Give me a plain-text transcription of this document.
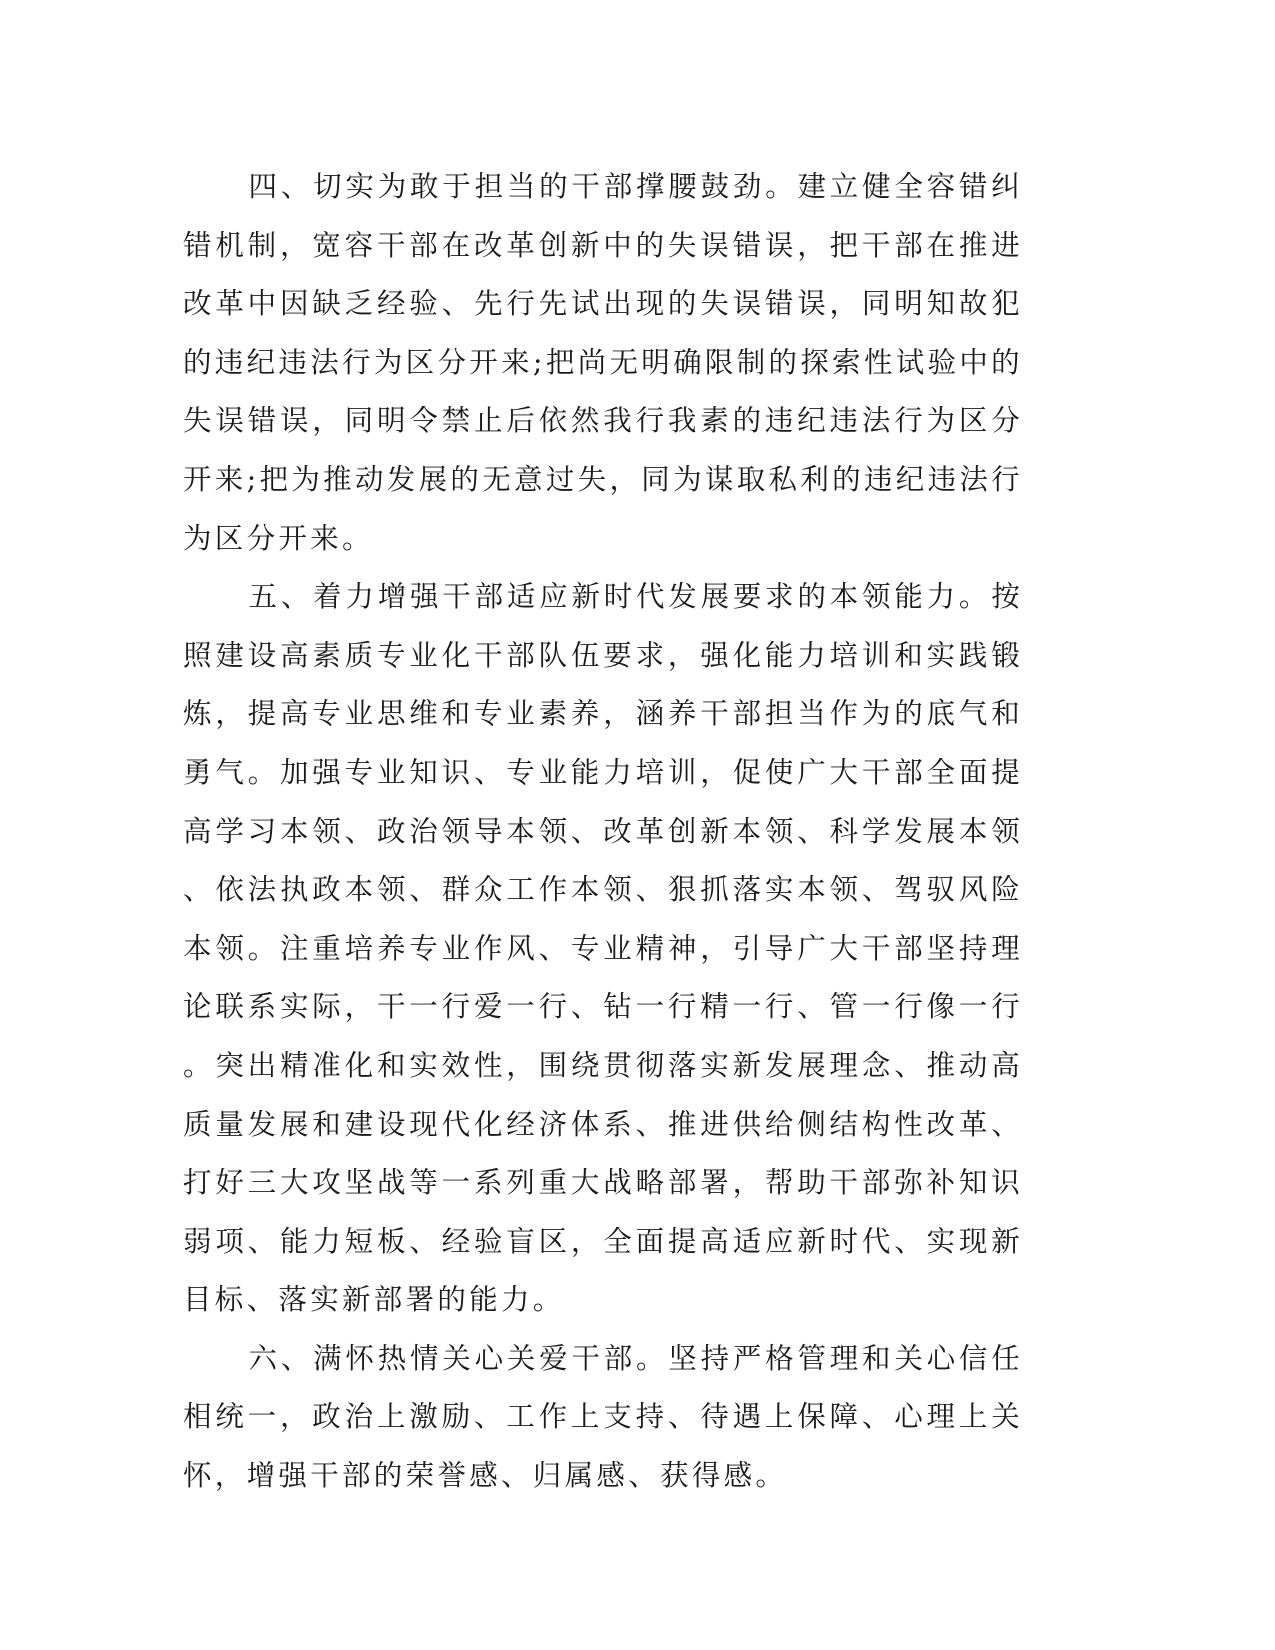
四、切实为敢于担当的干部撑腰鼓劲。建立健全容错纠错机制，宽容干部在改革创新中的失误错误，把干部在推进改革中因缺乏经验、先行先试出现的失误错误，同明知故犯的违纪违法行为区分开来;把尚无明确限制的探索性试验中的失误错误，同明令禁止后依然我行我素的违纪违法行为区分开来;把为推动发展的无意过失，同为谋取私利的违纪违法行为区分开来。

五、着力增强干部适应新时代发展要求的本领能力。按照建设高素质专业化干部队伍要求，强化能力培训和实践锻炼，提高专业思维和专业素养，涵养干部担当作为的底气和勇气。加强专业知识、专业能力培训，促使广大干部全面提高学习本领、政治领导本领、改革创新本领、科学发展本领、依法执政本领、群众工作本领、狠抓落实本领、驾驭风险本领。注重培养专业作风、专业精神，引导广大干部坚持理论联系实际，干一行爱一行、钻一行精一行、管一行像一行。突出精准化和实效性，围绕贯彻落实新发展理念、推动高质量发展和建设现代化经济体系、推进供给侧结构性改革、打好三大攻坚战等一系列重大战略部署，帮助干部弥补知识弱项、能力短板、经验盲区，全面提高适应新时代、实现新目标、落实新部署的能力。

六、满怀热情关心关爱干部。坚持严格管理和关心信任相统一，政治上激励、工作上支持、待遇上保障、心理上关怀，增强干部的荣誉感、归属感、获得感。
